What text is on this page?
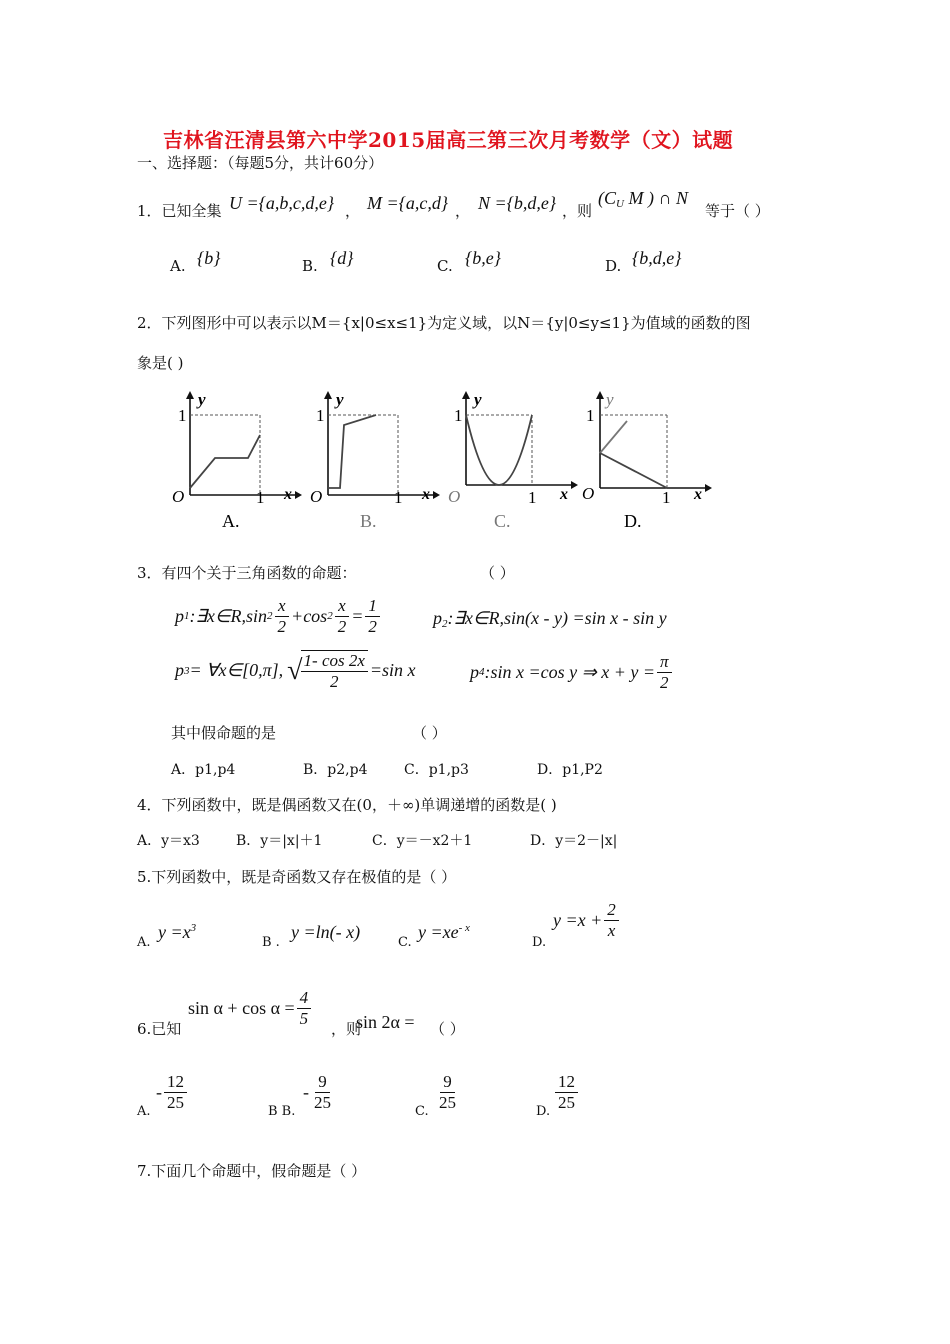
吉林省汪清县第六中学2015届高三第三次月考数学（文）试题
一、选择题：（每题5分，共计60分）
1．已知全集 U ={a,b,c,d,e} ， M ={a,c,d} ， N ={b,d,e} ，则
($C_U$ M ) ∩ N
等于（ ）
A. {b}	B. {d}	C. {b,e}	D. {b,d,e}
2．下列图形中可以表示以M＝{x|0≤x≤1}为定义域，以N＝{y|0≤y≤1}为值域的函数的图
象是( )
y
1
O	1 x
A.
y
1
O	1 x
B.
y
1
O	1 x
C.
y
1
O	1 x
D.
3．有四个关于三角函数的命题：	（ ）
p 1 :∃x∈R,sin $2 \frac{x}{2} +\cos$ $2 \frac{x}{2} = \frac{1}{2}$	$p_2:\exists x\in R,\sin(x - y) =\sin$ x - sin y
p 3 = ∀x∈[0,π], √
$\frac{1- \cos 2x}{2} =\sin$ x	p 4 :sin x =cos y ⇒ $x + y = \frac{\pi}{2}$
其中假命题的是	（ ）
A．p1,p4	B．p2,p4	C．p1,p3	D．p1,P2
4．下列函数中，既是偶函数又在(0，＋∞)单调递增的函数是( )
A．y＝x3	B．y＝|x|＋1	C．y＝－x2＋1	D．y＝2－|x|
5.下列函数中，既是奇函数又存在极值的是（ ）
A.
$y =x^3$
B .
y =ln(- x)
C.
$y =xe^{- x}$
D.
$y =x + \frac{2}{x}$
$\sin \alpha + \cos \alpha = \frac{4}{5}$
6.已知	，则
sin 2α = （ ）
A.
- $\frac{12}{25}$	B B.
- $\frac{9}{25}$	C. $\frac{9}{25}$	D. $\frac{12}{25}$
7.下面几个命题中，假命题是（ ）
